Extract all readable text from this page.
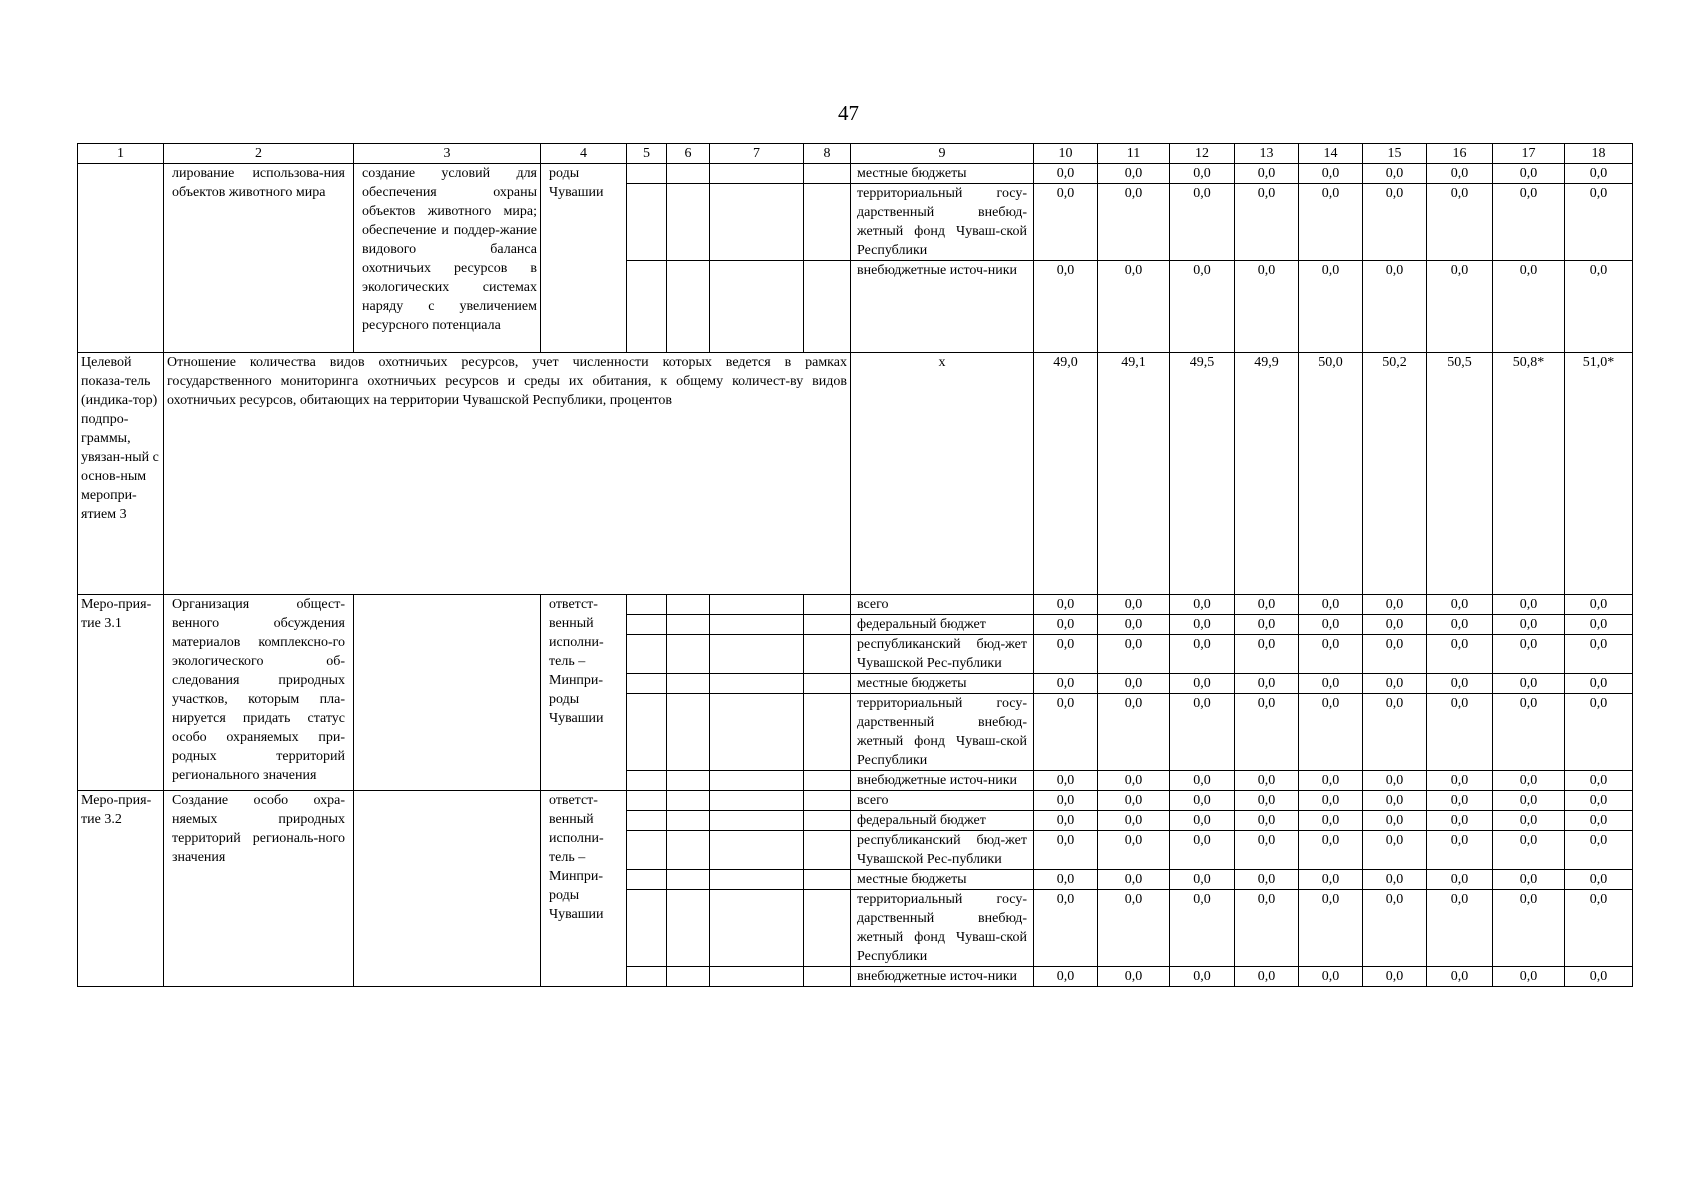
47
1	2	3	4	5	6	7	8	9	10	11	12	13	14	15	16	17	18
	лирование использова-ния объектов животного мира	создание условий для обеспечения охраны объектов животного мира; обеспечение и поддер-жание видового баланса охотничьих ресурсов в экологических системах наряду с увеличением ресурсного потенциала	роды Чувашии					местные бюджеты	0,0	0,0	0,0	0,0	0,0	0,0	0,0	0,0	0,0
								территориальный госу-дарственный внебюд-жетный фонд Чуваш-ской Республики	0,0	0,0	0,0	0,0	0,0	0,0	0,0	0,0	0,0
								внебюджетные источ-ники	0,0	0,0	0,0	0,0	0,0	0,0	0,0	0,0	0,0
Целевой показа-тель (индика-тор) подпро-граммы, увязан-ный с основ-ным меропри-ятием 3	Отношение количества видов охотничьих ресурсов, учет численности которых ведется в рамках государственного мониторинга охотничьих ресурсов и среды их обитания, к общему количест-ву видов охотничьих ресурсов, обитающих на территории Чувашской Республики, процентов							x	49,0	49,1	49,5	49,9	50,0	50,2	50,5	50,8*	51,0*
Меро-прия-тие 3.1	Организация общест-венного обсуждения материалов комплексно-го экологического об-следования природных участков, которым пла-нируется придать статус особо охраняемых при-родных территорий регионального значения		ответст-венный исполни-тель – Минпри-роды Чувашии					всего	0,0	0,0	0,0	0,0	0,0	0,0	0,0	0,0	0,0
								федеральный бюджет	0,0	0,0	0,0	0,0	0,0	0,0	0,0	0,0	0,0
								республиканский бюд-жет Чувашской Рес-публики	0,0	0,0	0,0	0,0	0,0	0,0	0,0	0,0	0,0
								местные бюджеты	0,0	0,0	0,0	0,0	0,0	0,0	0,0	0,0	0,0
								территориальный госу-дарственный внебюд-жетный фонд Чуваш-ской Республики	0,0	0,0	0,0	0,0	0,0	0,0	0,0	0,0	0,0
								внебюджетные источ-ники	0,0	0,0	0,0	0,0	0,0	0,0	0,0	0,0	0,0
Меро-прия-тие 3.2	Создание особо охра-няемых природных территорий региональ-ного значения		ответст-венный исполни-тель – Минпри-роды Чувашии					всего	0,0	0,0	0,0	0,0	0,0	0,0	0,0	0,0	0,0
								федеральный бюджет	0,0	0,0	0,0	0,0	0,0	0,0	0,0	0,0	0,0
								республиканский бюд-жет Чувашской Рес-публики	0,0	0,0	0,0	0,0	0,0	0,0	0,0	0,0	0,0
								местные бюджеты	0,0	0,0	0,0	0,0	0,0	0,0	0,0	0,0	0,0
								территориальный госу-дарственный внебюд-жетный фонд Чуваш-ской Республики	0,0	0,0	0,0	0,0	0,0	0,0	0,0	0,0	0,0
								внебюджетные источ-ники	0,0	0,0	0,0	0,0	0,0	0,0	0,0	0,0	0,0
